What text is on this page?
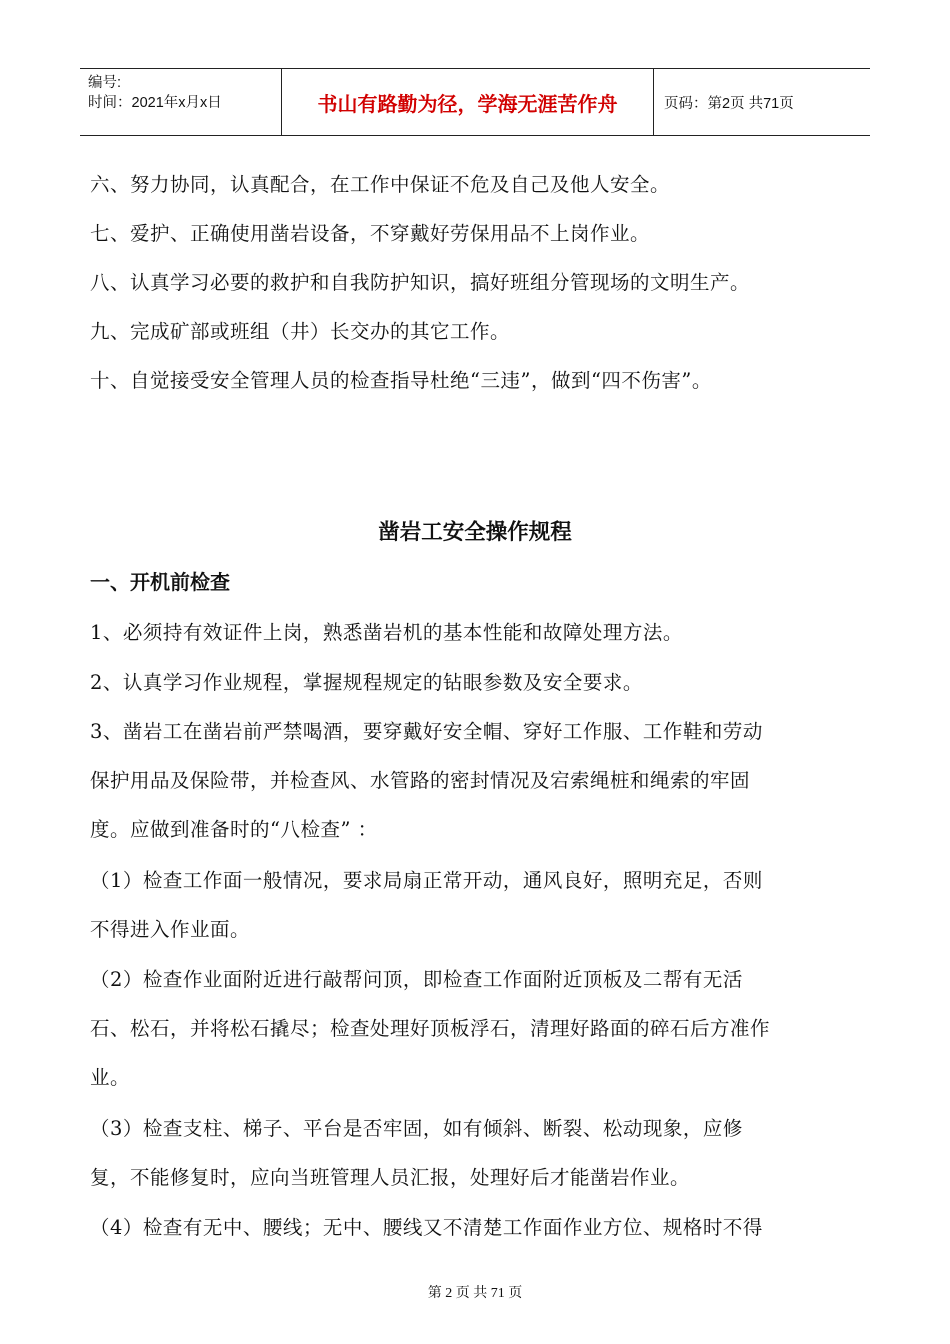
编号:
时间：2021年x月x日	书山有路勤为径，学海无涯苦作舟	页码：第2页 共71页

六、努力协同，认真配合，在工作中保证不危及自己及他人安全。

七、爱护、正确使用凿岩设备，不穿戴好劳保用品不上岗作业。

八、认真学习必要的救护和自我防护知识，搞好班组分管现场的文明生产。

九、完成矿部或班组（井）长交办的其它工作。

十、自觉接受安全管理人员的检查指导杜绝“三违”，做到“四不伤害”。

凿岩工安全操作规程
一、开机前检查

1、必须持有效证件上岗，熟悉凿岩机的基本性能和故障处理方法。

2、认真学习作业规程，掌握规程规定的钻眼参数及安全要求。

3、凿岩工在凿岩前严禁喝酒，要穿戴好安全帽、穿好工作服、工作鞋和劳动
保护用品及保险带，并检查风、水管路的密封情况及宕索绳桩和绳索的牢固
度。应做到准备时的“八检查” ：

（1）检查工作面一般情况，要求局扇正常开动，通风良好，照明充足，否则
不得进入作业面。

（2）检查作业面附近进行敲帮问顶，即检查工作面附近顶板及二帮有无活
石、松石，并将松石撬尽；检查处理好顶板浮石，清理好路面的碎石后方准作
业。

（3）检查支柱、梯子、平台是否牢固，如有倾斜、断裂、松动现象，应修
复，不能修复时，应向当班管理人员汇报，处理好后才能凿岩作业。

（4）检查有无中、腰线；无中、腰线又不清楚工作面作业方位、规格时不得

第 2 页 共 71 页
